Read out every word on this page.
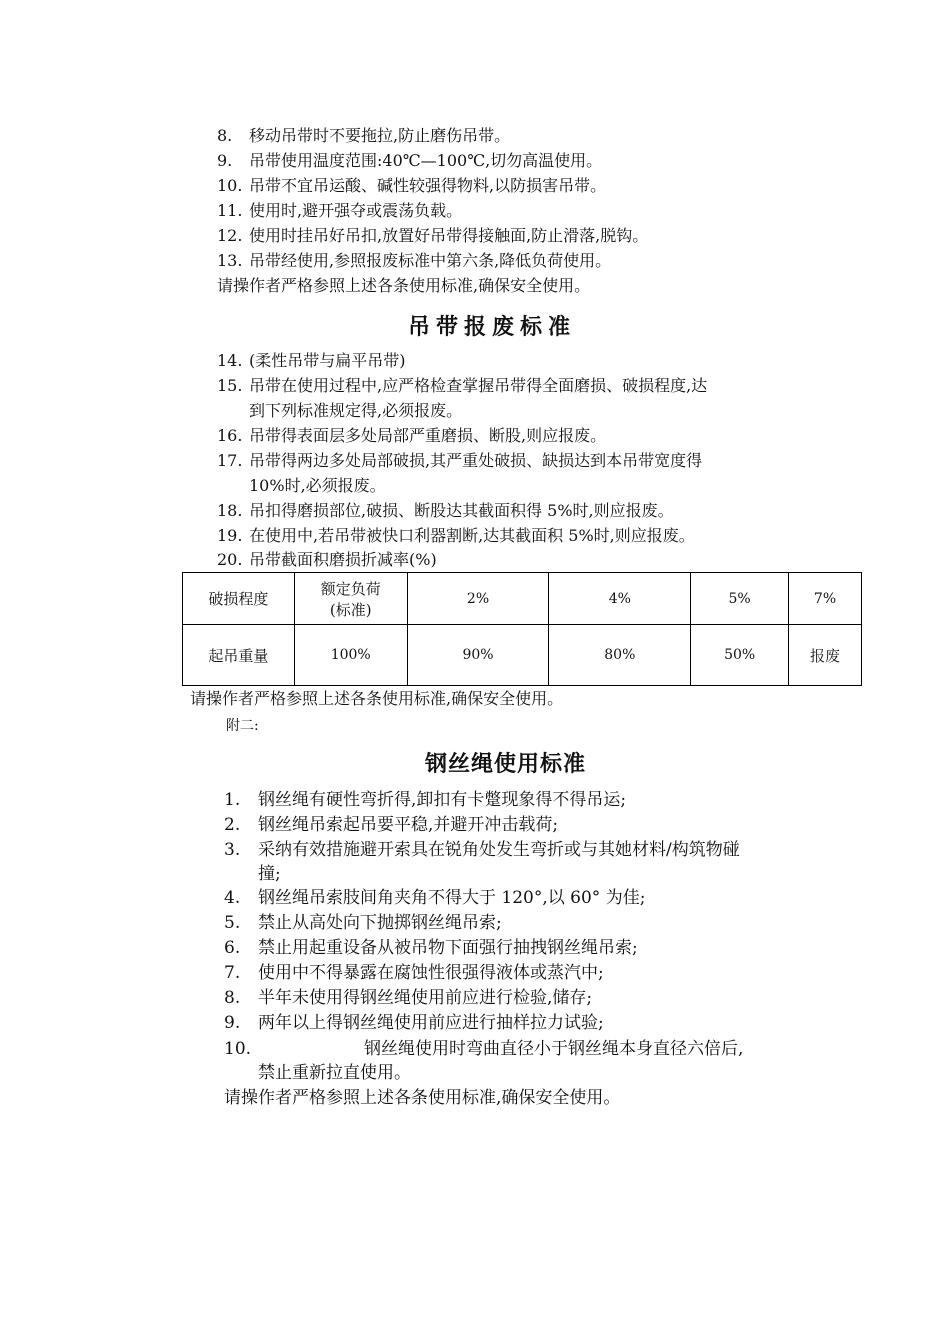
8. 移动吊带时不要拖拉,防止磨伤吊带。
9. 吊带使用温度范围:40℃—100℃,切勿高温使用。
10. 吊带不宜吊运酸、碱性较强得物料,以防损害吊带。
11. 使用时,避开强夺或震荡负载。
12. 使用时挂吊好吊扣,放置好吊带得接触面,防止滑落,脱钩。
13. 吊带经使用,参照报废标准中第六条,降低负荷使用。
请操作者严格参照上述各条使用标准,确保安全使用。
吊带报废标准
14. (柔性吊带与扁平吊带)
15. 吊带在使用过程中,应严格检查掌握吊带得全面磨损、破损程度,达
到下列标准规定得,必须报废。
16. 吊带得表面层多处局部严重磨损、断股,则应报废。
17. 吊带得两边多处局部破损,其严重处破损、缺损达到本吊带宽度得
10%时,必须报废。
18. 吊扣得磨损部位,破损、断股达其截面积得 5%时,则应报废。
19. 在使用中,若吊带被快口利器割断,达其截面积 5%时,则应报废。
20. 吊带截面积磨损折减率(%)
破损程度	额定负荷
(标准)	2%	4%	5%	7%
起吊重量	100%	90%	80%	50%	报废
请操作者严格参照上述各条使用标准,确保安全使用。
附二:
钢丝绳使用标准
1. 钢丝绳有硬性弯折得,卸扣有卡蹩现象得不得吊运;
2. 钢丝绳吊索起吊要平稳,并避开冲击载荷;
3. 采纳有效措施避开索具在锐角处发生弯折或与其她材料/构筑物碰
撞;
4. 钢丝绳吊索肢间角夹角不得大于 120°,以 60° 为佳;
5. 禁止从高处向下抛掷钢丝绳吊索;
6. 禁止用起重设备从被吊物下面强行抽拽钢丝绳吊索;
7. 使用中不得暴露在腐蚀性很强得液体或蒸汽中;
8. 半年未使用得钢丝绳使用前应进行检验,储存;
9. 两年以上得钢丝绳使用前应进行抽样拉力试验;
10.	钢丝绳使用时弯曲直径小于钢丝绳本身直径六倍后,
禁止重新拉直使用。
请操作者严格参照上述各条使用标准,确保安全使用。
